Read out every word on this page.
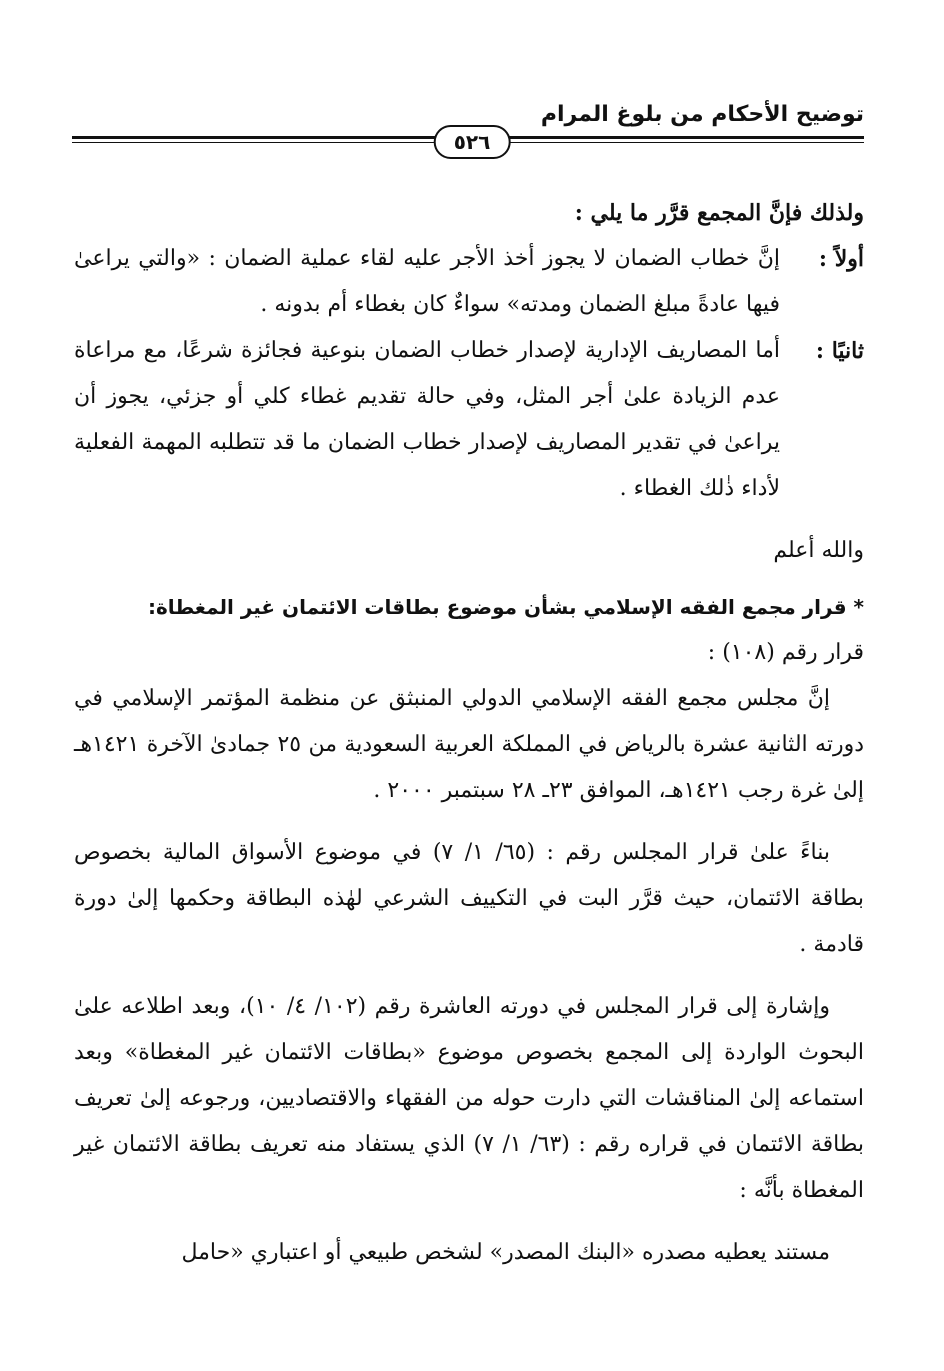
توضيح الأحكام من بلوغ المرام
٥٢٦

ولذلك فإنَّ المجمع قرَّر ما يلي :

أولاً :
إنَّ خطاب الضمان لا يجوز أخذ الأجر عليه لقاء عملية الضمان : «والتي يراعىٰ فيها عادةً مبلغ الضمان ومدته» سواءٌ كان بغطاء أم بدونه .
ثانيًا :
أما المصاريف الإدارية لإصدار خطاب الضمان بنوعية فجائزة شرعًا، مع مراعاة عدم الزيادة علىٰ أجر المثل، وفي حالة تقديم غطاء كلي أو جزئي، يجوز أن يراعىٰ في تقدير المصاريف لإصدار خطاب الضمان ما قد تتطلبه المهمة الفعلية لأداء ذٰلك الغطاء .
والله أعلم
* قرار مجمع الفقه الإسلامي بشأن موضوع بطاقات الائتمان غير المغطاة:

قرار رقم (١٠٨) :

إنَّ مجلس مجمع الفقه الإسلامي الدولي المنبثق عن منظمة المؤتمر الإسلامي في دورته الثانية عشرة بالرياض في المملكة العربية السعودية من ٢٥ جمادىٰ الآخرة ١٤٢١هـ إلىٰ غرة رجب ١٤٢١هـ، الموافق ٢٣ـ ٢٨ سبتمبر ٢٠٠٠ .

بناءً علىٰ قرار المجلس رقم : (٦٥/ ١/ ٧) في موضوع الأسواق المالية بخصوص بطاقة الائتمان، حيث قرَّر البت في التكييف الشرعي لهٰذه البطاقة وحكمها إلىٰ دورة قادمة .

وإشارة إلى قرار المجلس في دورته العاشرة رقم (١٠٢/ ٤/ ١٠)، وبعد اطلاعه علىٰ البحوث الواردة إلى المجمع بخصوص موضوع «بطاقات الائتمان غير المغطاة» وبعد استماعه إلىٰ المناقشات التي دارت حوله من الفقهاء والاقتصاديين، ورجوعه إلىٰ تعريف بطاقة الائتمان في قراره رقم : (٦٣/ ١/ ٧) الذي يستفاد منه تعريف بطاقة الائتمان غير المغطاة بأنَّه :

مستند يعطيه مصدره «البنك المصدر» لشخص طبيعي أو اعتباري «حامل
